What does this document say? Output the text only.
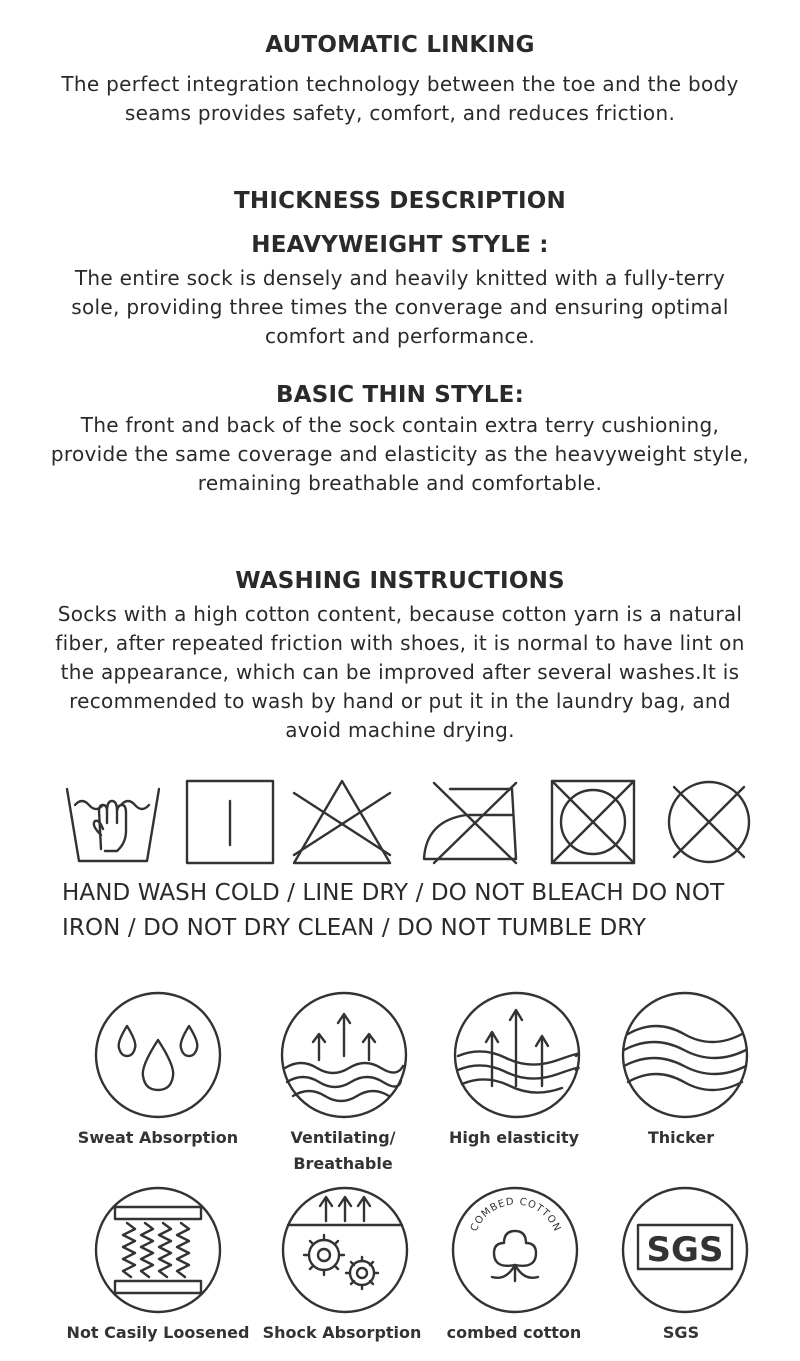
AUTOMATIC LINKING
The perfect integration technology between the toe and the body seams provides safety, comfort, and reduces friction.
THICKNESS DESCRIPTION
HEAVYWEIGHT STYLE :
The entire sock is densely and heavily knitted with a fully-terry sole, providing three times the converage and ensuring optimal comfort and performance.
BASIC THIN STYLE:
The front and back of the sock contain extra terry cushioning, provide the same coverage and elasticity as the heavyweight style, remaining breathable and comfortable.
WASHING INSTRUCTIONS
Socks with a high cotton content, because cotton yarn is a natural fiber, after repeated friction with shoes, it is normal to have lint on the appearance, which can be improved after several washes.It is recommended to wash by hand or put it in the laundry bag, and avoid machine drying.
HAND WASH COLD / LINE DRY / DO NOT BLEACH DO NOT
IRON / DO NOT DRY CLEAN / DO NOT TUMBLE DRY
Sweat Absorption	Ventilating/
Breathable
High elasticity	Thicker
COMBED COTTON
SGS
Not Casily Loosened Shock Absorption	combed cotton	SGS
